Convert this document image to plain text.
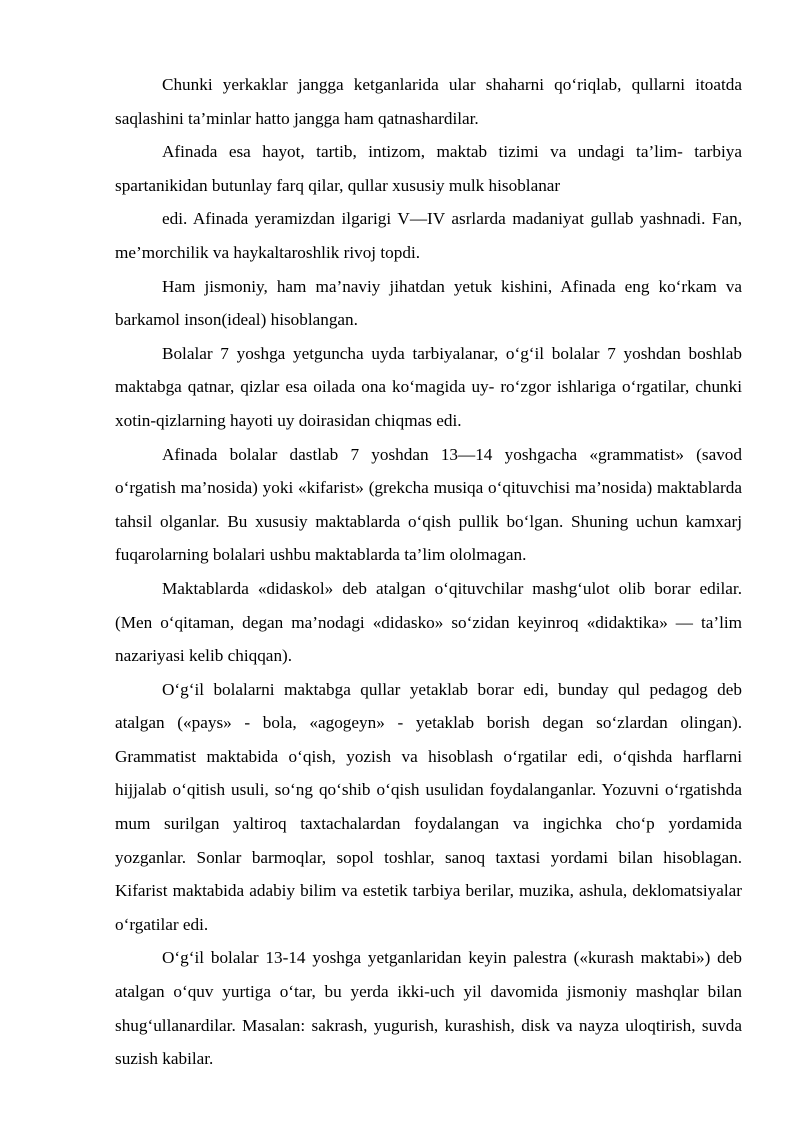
Chunki yerkaklar jangga ketganlarida ular shaharni qo‘riqlab, qullarni itoatda saqlashini ta’minlar hatto jangga ham qatnashardilar.

Afinada esa hayot, tartib, intizom, maktab tizimi va undagi ta’lim- tarbiya spartanikidan butunlay farq qilar, qullar xususiy mulk hisoblanar

edi. Afinada yeramizdan ilgarigi V—IV asrlarda madaniyat gullab yashnadi. Fan, me’morchilik va haykaltaroshlik rivoj topdi.

Ham jismoniy, ham ma’naviy jihatdan yetuk kishini, Afinada eng ko‘rkam va barkamol inson(ideal) hisoblangan.

Bolalar 7 yoshga yetguncha uyda tarbiyalanar, o‘g‘il bolalar 7 yoshdan boshlab maktabga qatnar, qizlar esa oilada ona ko‘magida uy- ro‘zgor ishlariga o‘rgatilar, chunki xotin-qizlarning hayoti uy doirasidan chiqmas edi.

Afinada bolalar dastlab 7 yoshdan 13—14 yoshgacha «grammatist» (savod o‘rgatish ma’nosida) yoki «kifarist» (grekcha musiqa o‘qituvchisi ma’nosida) maktablarda tahsil olganlar. Bu xususiy maktablarda o‘qish pullik bo‘lgan. Shuning uchun kamxarj fuqarolarning bolalari ushbu maktablarda ta’lim ololmagan.

Maktablarda «didaskol» deb atalgan o‘qituvchilar mashg‘ulot olib borar edilar. (Men o‘qitaman, degan ma’nodagi «didasko» so‘zidan keyinroq «didaktika» — ta’lim nazariyasi kelib chiqqan).

O‘g‘il bolalarni maktabga qullar yetaklab borar edi, bunday qul pedagog deb atalgan («pays» - bola, «agogeyn» - yetaklab borish degan so‘zlardan olingan). Grammatist maktabida o‘qish, yozish va hisoblash o‘rgatilar edi, o‘qishda harflarni hijjalab o‘qitish usuli, so‘ng qo‘shib o‘qish usulidan foydalanganlar. Yozuvni o‘rgatishda mum surilgan yaltiroq taxtachalardan foydalangan va ingichka cho‘p yordamida yozganlar. Sonlar barmoqlar, sopol toshlar, sanoq taxtasi yordami bilan hisoblagan. Kifarist maktabida adabiy bilim va estetik tarbiya berilar, muzika, ashula, deklomatsiyalar o‘rgatilar edi.

O‘g‘il bolalar 13-14 yoshga yetganlaridan keyin palestra («kurash maktabi») deb atalgan o‘quv yurtiga o‘tar, bu yerda ikki-uch yil davomida jismoniy mashqlar bilan shug‘ullanardilar. Masalan: sakrash, yugurish, kurashish, disk va nayza uloqtirish, suvda suzish kabilar.
